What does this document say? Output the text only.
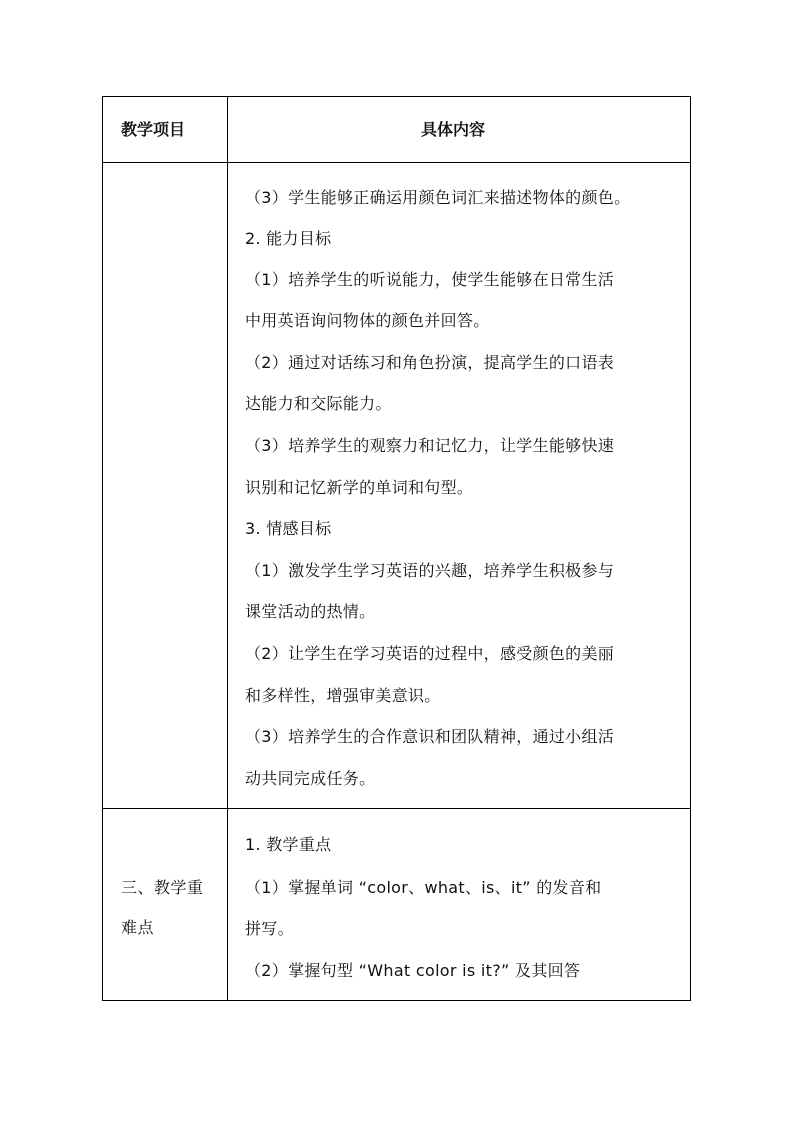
教学项目	具体内容
（3）学生能够正确运用颜色词汇来描述物体的颜色。
2. 能力目标
（1）培养学生的听说能力，使学生能够在日常生活
中用英语询问物体的颜色并回答。
（2）通过对话练习和角色扮演，提高学生的口语表
达能力和交际能力。
（3）培养学生的观察力和记忆力，让学生能够快速
识别和记忆新学的单词和句型。
3. 情感目标
（1）激发学生学习英语的兴趣，培养学生积极参与
课堂活动的热情。
（2）让学生在学习英语的过程中，感受颜色的美丽
和多样性，增强审美意识。
（3）培养学生的合作意识和团队精神，通过小组活
动共同完成任务。
三、教学重
难点
1. 教学重点
（1）掌握单词 “color、what、is、it” 的发音和
拼写。
（2）掌握句型 “What color is it?” 及其回答
